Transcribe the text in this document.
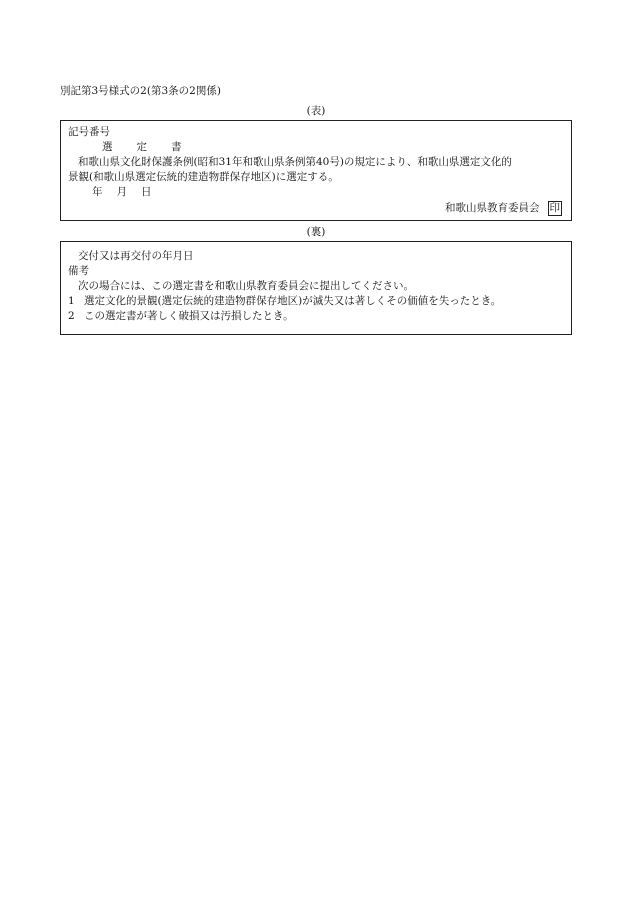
別記第3号様式の2(第3条の2関係)
(表)
記号番号
選 定 書
和歌山県文化財保護条例(昭和31年和歌山県条例第40号)の規定により、和歌山県選定文化的
景観(和歌山県選定伝統的建造物群保存地区)に選定する。
年 月 日
和歌山県教育委員会 印
(裏)
交付又は再交付の年月日
備考
次の場合には、この選定書を和歌山県教育委員会に提出してください。
1 選定文化的景観(選定伝統的建造物群保存地区)が滅失又は著しくその価値を失ったとき。
2 この選定書が著しく破損又は汚損したとき。
